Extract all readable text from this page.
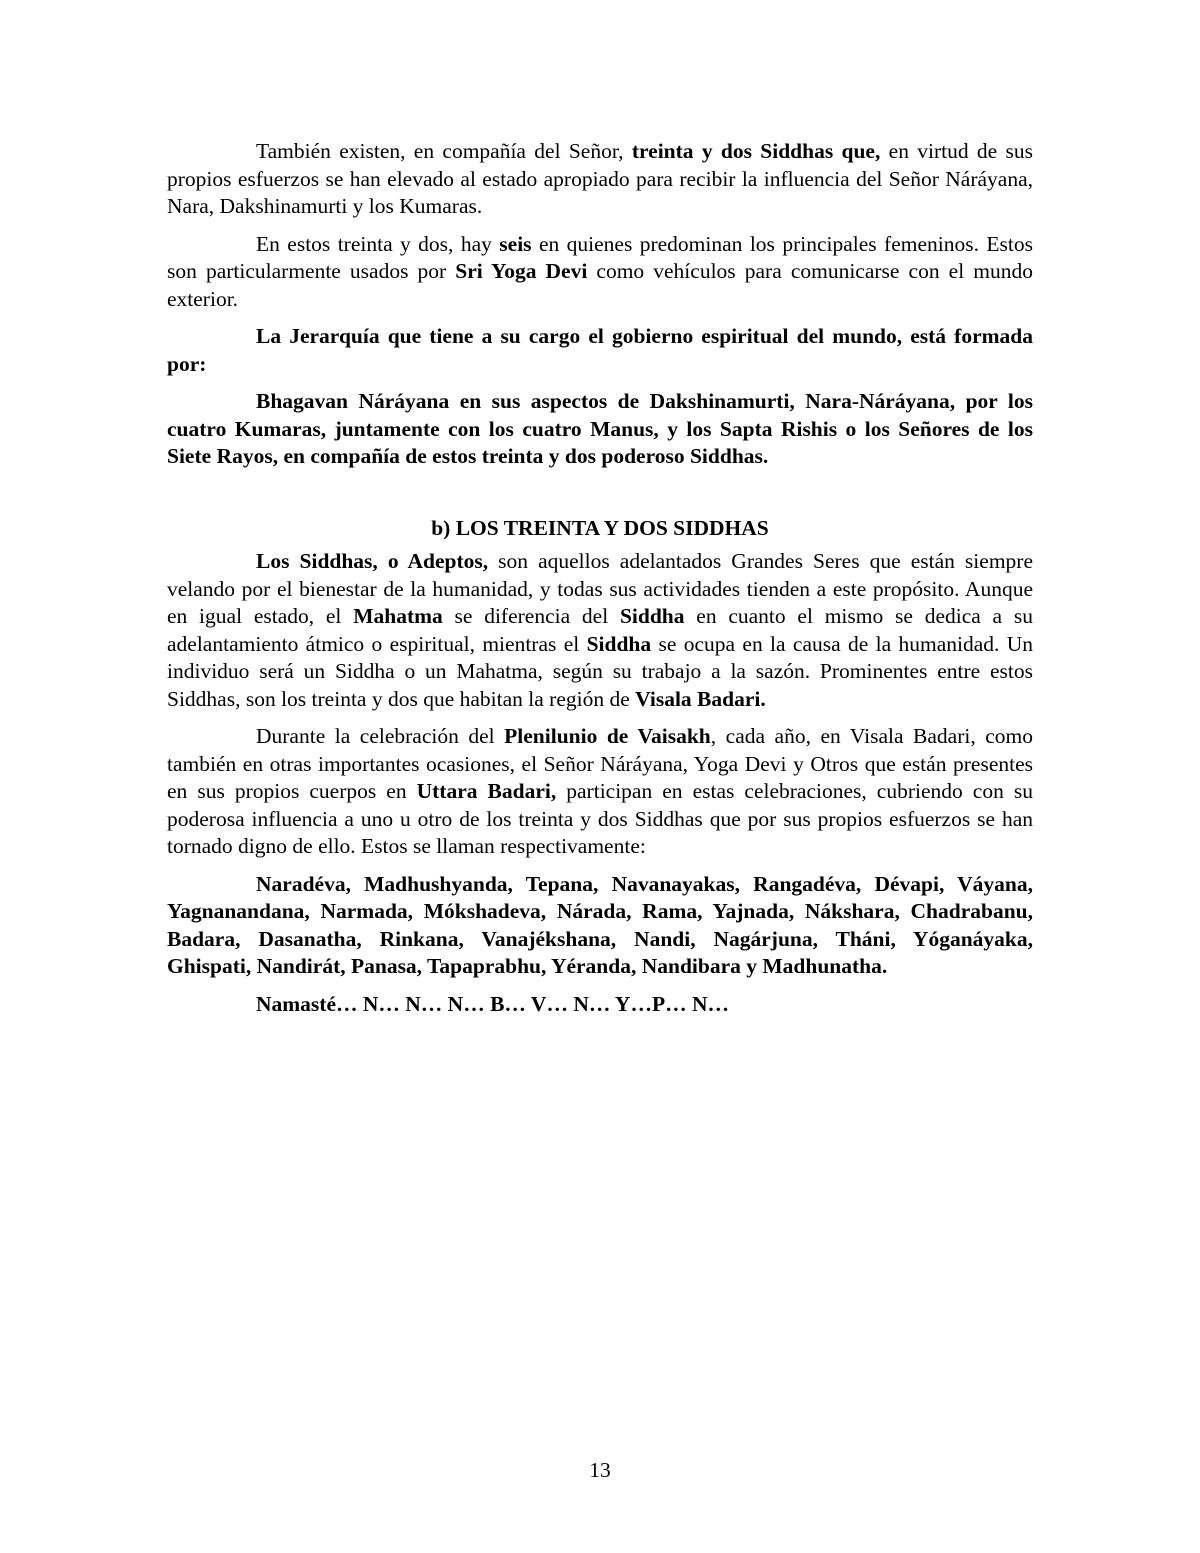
También existen, en compañía del Señor, treinta y dos Siddhas que, en virtud de sus propios esfuerzos se han elevado al estado apropiado para recibir la influencia del Señor Náráyana, Nara, Dakshinamurti y los Kumaras.

En estos treinta y dos, hay seis en quienes predominan los principales femeninos. Estos son particularmente usados por Sri Yoga Devi como vehículos para comunicarse con el mundo exterior.

La Jerarquía que tiene a su cargo el gobierno espiritual del mundo, está formada por:

Bhagavan Náráyana en sus aspectos de Dakshinamurti, Nara-Náráyana, por los cuatro Kumaras, juntamente con los cuatro Manus, y los Sapta Rishis o los Señores de los Siete Rayos, en compañía de estos treinta y dos poderoso Siddhas.

b) LOS TREINTA Y DOS SIDDHAS

Los Siddhas, o Adeptos, son aquellos adelantados Grandes Seres que están siempre velando por el bienestar de la humanidad, y todas sus actividades tienden a este propósito. Aunque en igual estado, el Mahatma se diferencia del Siddha en cuanto el mismo se dedica a su adelantamiento átmico o espiritual, mientras el Siddha se ocupa en la causa de la humanidad. Un individuo será un Siddha o un Mahatma, según su trabajo a la sazón. Prominentes entre estos Siddhas, son los treinta y dos que habitan la región de Visala Badari.

Durante la celebración del Plenilunio de Vaisakh, cada año, en Visala Badari, como también en otras importantes ocasiones, el Señor Náráyana, Yoga Devi y Otros que están presentes en sus propios cuerpos en Uttara Badari, participan en estas celebraciones, cubriendo con su poderosa influencia a uno u otro de los treinta y dos Siddhas que por sus propios esfuerzos se han tornado digno de ello. Estos se llaman respectivamente:

Naradéva, Madhushyanda, Tepana, Navanayakas, Rangadéva, Dévapi, Váyana, Yagnanandana, Narmada, Mókshadeva, Nárada, Rama, Yajnada, Nákshara, Chadrabanu, Badara, Dasanatha, Rinkana, Vanajékshana, Nandi, Nagárjuna, Tháni, Yóganáyaka, Ghispati, Nandirát, Panasa, Tapaprabhu, Yéranda, Nandibara y Madhunatha.

Namasté… N… N… N… B… V… N… Y…P… N…

13
